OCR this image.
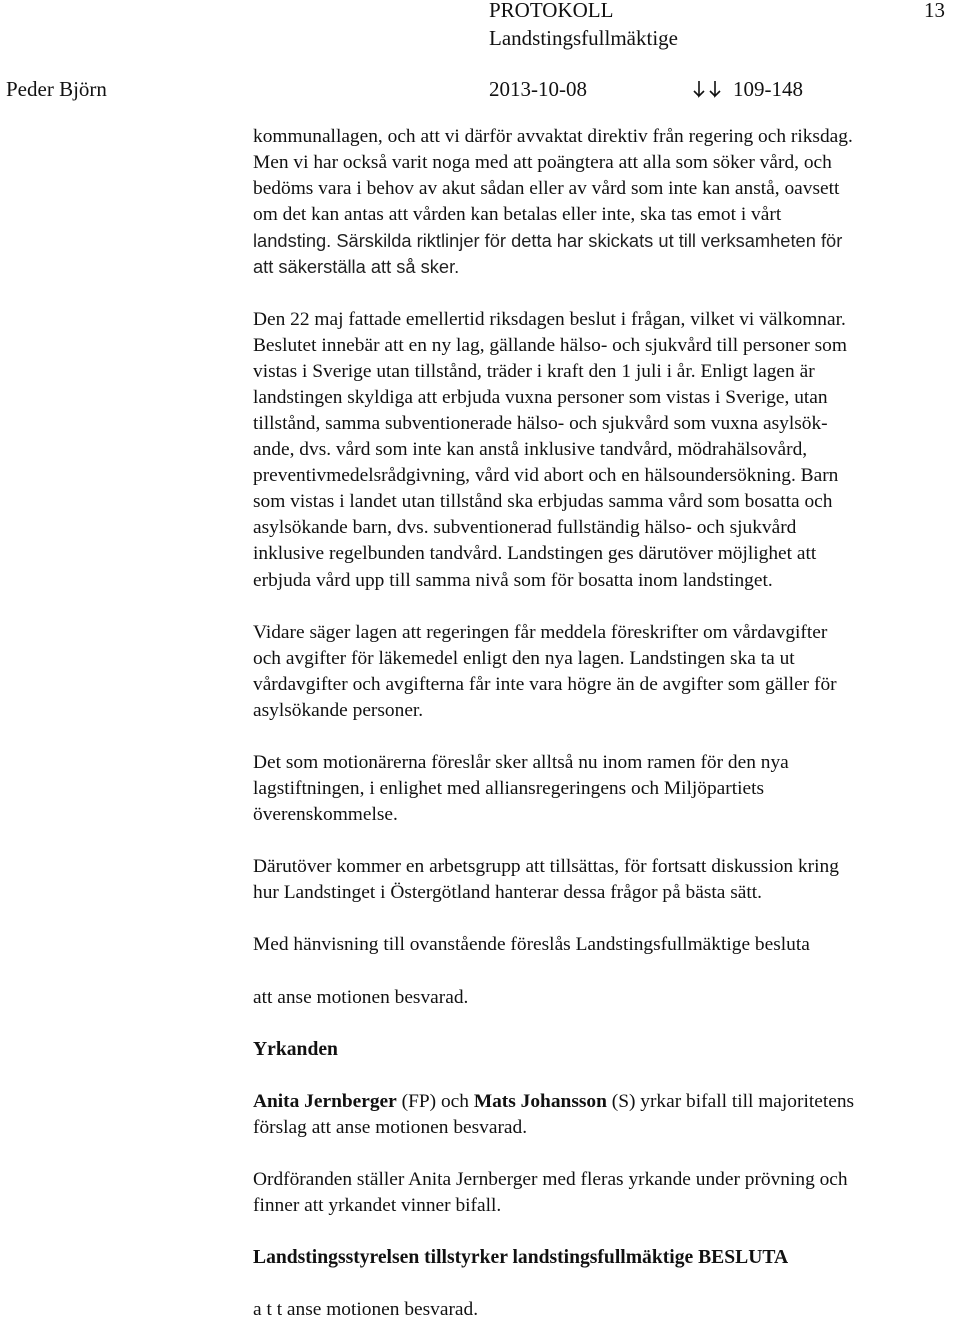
PROTOKOLL
Landstingsfullmäktige
13
Peder Björn	2013-10-08	109-148

kommunallagen, och att vi därför avvaktat direktiv från regering och riksdag.

Men vi har också varit noga med att poängtera att alla som söker vård, och

bedöms vara i behov av akut sådan eller av vård som inte kan anstå, oavsett

om det kan antas att vården kan betalas eller inte, ska tas emot i vårt

landsting. Särskilda riktlinjer för detta har skickats ut till verksamheten för

att säkerställa att så sker.

Den 22 maj fattade emellertid riksdagen beslut i frågan, vilket vi välkomnar.

Beslutet innebär att en ny lag, gällande hälso- och sjukvård till personer som

vistas i Sverige utan tillstånd, träder i kraft den 1 juli i år. Enligt lagen är

landstingen skyldiga att erbjuda vuxna personer som vistas i Sverige, utan

tillstånd, samma subventionerade hälso- och sjukvård som vuxna asylsök-

ande, dvs. vård som inte kan anstå inklusive tandvård, mödrahälsovård,

preventivmedelsrådgivning, vård vid abort och en hälsoundersökning. Barn

som vistas i landet utan tillstånd ska erbjudas samma vård som bosatta och

asylsökande barn, dvs. subventionerad fullständig hälso- och sjukvård

inklusive regelbunden tandvård. Landstingen ges därutöver möjlighet att

erbjuda vård upp till samma nivå som för bosatta inom landstinget.

Vidare säger lagen att regeringen får meddela föreskrifter om vårdavgifter

och avgifter för läkemedel enligt den nya lagen. Landstingen ska ta ut

vårdavgifter och avgifterna får inte vara högre än de avgifter som gäller för

asylsökande personer.

Det som motionärerna föreslår sker alltså nu inom ramen för den nya

lagstiftningen, i enlighet med alliansregeringens och Miljöpartiets

överenskommelse.

Därutöver kommer en arbetsgrupp att tillsättas, för fortsatt diskussion kring

hur Landstinget i Östergötland hanterar dessa frågor på bästa sätt.

Med hänvisning till ovanstående föreslås Landstingsfullmäktige besluta

att anse motionen besvarad.

Yrkanden

Anita Jernberger (FP) och Mats Johansson (S) yrkar bifall till majoritetens

förslag att anse motionen besvarad.

Ordföranden ställer Anita Jernberger med fleras yrkande under prövning och

finner att yrkandet vinner bifall.

Landstingsstyrelsen tillstyrker landstingsfullmäktige BESLUTA

a t t anse motionen besvarad.
